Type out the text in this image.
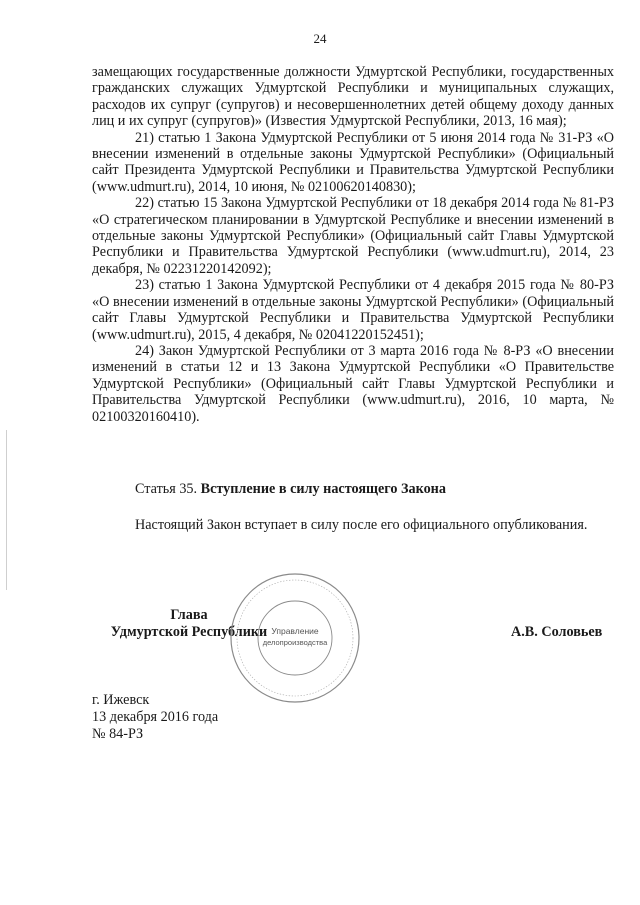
24

замещающих государственные должности Удмуртской Республики, государственных гражданских служащих Удмуртской Республики и муниципальных служащих, расходов их супруг (супругов) и несовершеннолетних детей общему доходу данных лиц и их супруг (супругов)» (Известия Удмуртской Республики, 2013, 16 мая);

21) статью 1 Закона Удмуртской Республики от 5 июня 2014 года № 31-РЗ «О внесении изменений в отдельные законы Удмуртской Республики» (Официальный сайт Президента Удмуртской Республики и Правительства Удмуртской Республики (www.udmurt.ru), 2014, 10 июня, № 02100620140830);

22) статью 15 Закона Удмуртской Республики от 18 декабря 2014 года № 81-РЗ «О стратегическом планировании в Удмуртской Республике и внесении изменений в отдельные законы Удмуртской Республики» (Официальный сайт Главы Удмуртской Республики и Правительства Удмуртской Республики (www.udmurt.ru), 2014, 23 декабря, № 02231220142092);

23) статью 1 Закона Удмуртской Республики от 4 декабря 2015 года № 80-РЗ «О внесении изменений в отдельные законы Удмуртской Республики» (Официальный сайт Главы Удмуртской Республики и Правительства Удмуртской Республики (www.udmurt.ru), 2015, 4 декабря, № 02041220152451);

24) Закон Удмуртской Республики от 3 марта 2016 года № 8-РЗ «О внесении изменений в статьи 12 и 13 Закона Удмуртской Республики «О Правительстве Удмуртской Республики» (Официальный сайт Главы Удмуртской Республики и Правительства Удмуртской Республики (www.udmurt.ru), 2016, 10 марта, № 02100320160410).

Статья 35. Вступление в силу настоящего Закона

Настоящий Закон вступает в силу после его официального опубликования.

Глава
Удмуртской Республики Управление
делопроизводства
А.В. Соловьев
г. Ижевск
13 декабря 2016 года
№ 84-РЗ
